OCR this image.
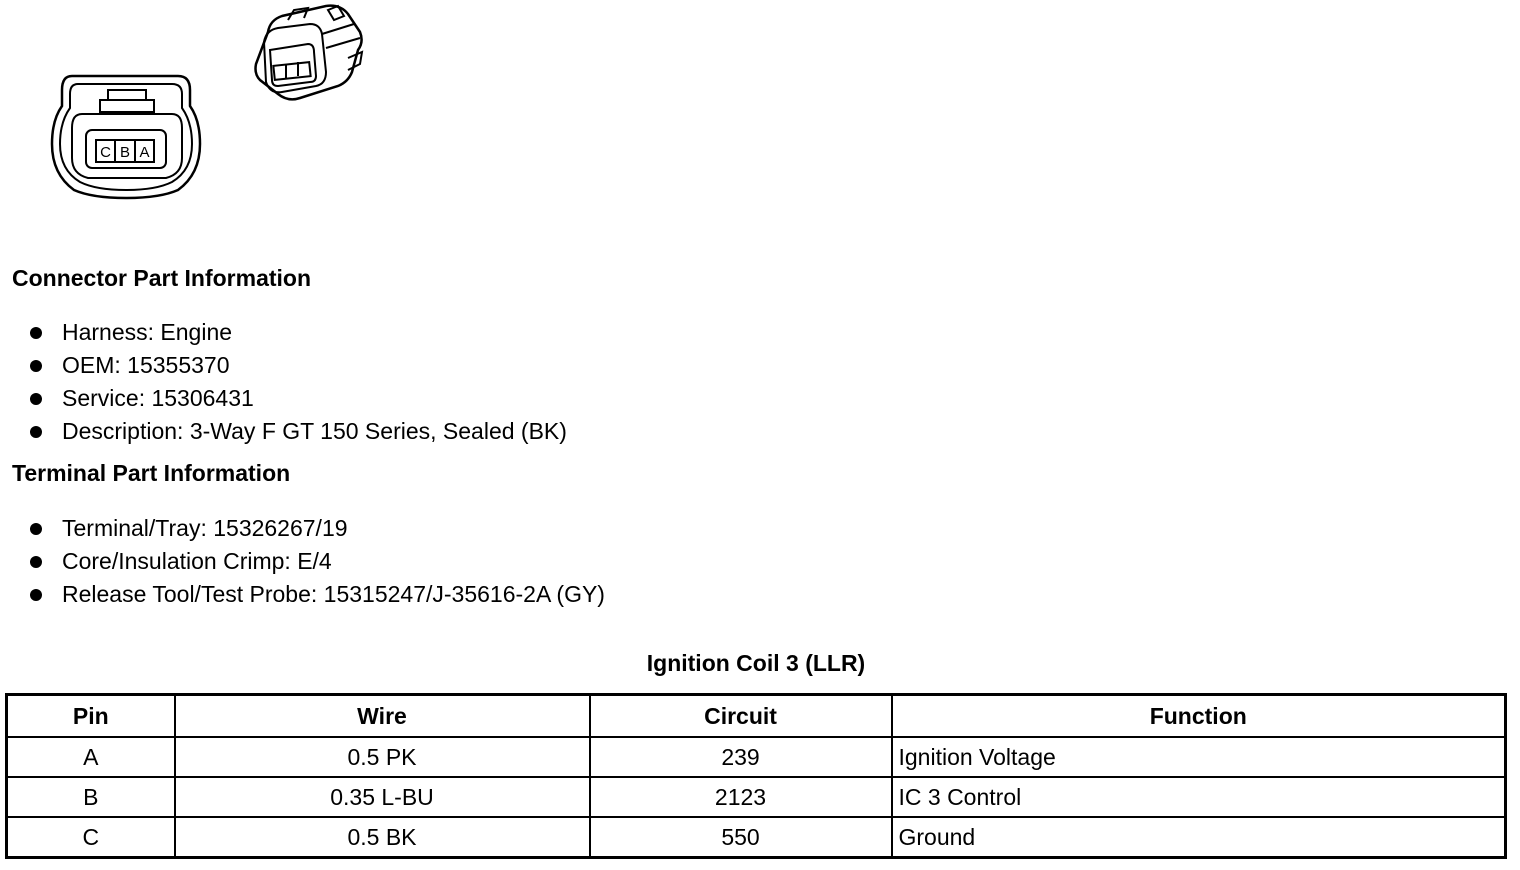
C B A
Connector Part Information
Harness: Engine
OEM: 15355370
Service: 15306431
Description: 3-Way F GT 150 Series, Sealed (BK)
Terminal Part Information
Terminal/Tray: 15326267/19
Core/Insulation Crimp: E/4
Release Tool/Test Probe: 15315247/J-35616-2A (GY)
Ignition Coil 3 (LLR)
Pin	Wire	Circuit	Function
A	0.5 PK	239	Ignition Voltage
B	0.35 L-BU	2123	IC 3 Control
C	0.5 BK	550	Ground
